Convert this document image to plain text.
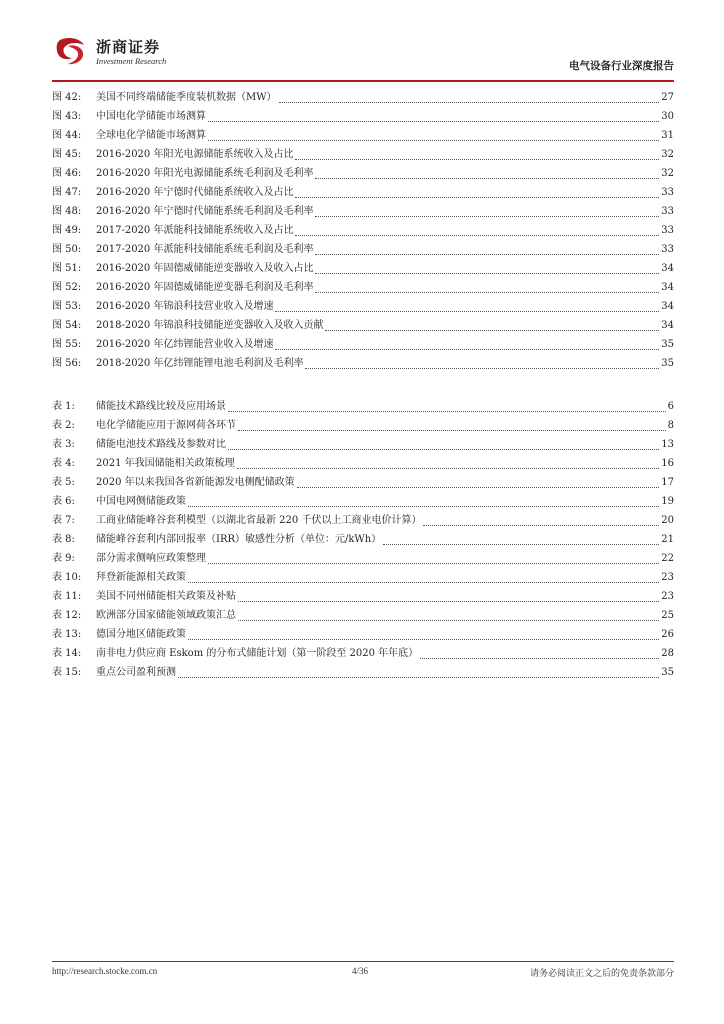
浙商证券
Investment Research	电气设备行业深度报告
图 42:	美国不同终端储能季度装机数据（MW）	27
图 43:	中国电化学储能市场测算	30
图 44:	全球电化学储能市场测算	31
图 45:	2016-2020 年阳光电源储能系统收入及占比	32
图 46:	2016-2020 年阳光电源储能系统毛利润及毛利率	32
图 47:	2016-2020 年宁德时代储能系统收入及占比	33
图 48:	2016-2020 年宁德时代储能系统毛利润及毛利率	33
图 49:	2017-2020 年派能科技储能系统收入及占比	33
图 50:	2017-2020 年派能科技储能系统毛利润及毛利率	33
图 51:	2016-2020 年固德威储能逆变器收入及收入占比	34
图 52:	2016-2020 年固德威储能逆变器毛利润及毛利率	34
图 53:	2016-2020 年锦浪科技营业收入及增速	34
图 54:	2018-2020 年锦浪科技储能逆变器收入及收入贡献	34
图 55:	2016-2020 年亿纬锂能营业收入及增速	35
图 56:	2018-2020 年亿纬锂能锂电池毛利润及毛利率	35
表 1:	储能技术路线比较及应用场景	6
表 2:	电化学储能应用于源网荷各环节	8
表 3:	储能电池技术路线及参数对比	13
表 4:	2021 年我国储能相关政策梳理	16
表 5:	2020 年以来我国各省新能源发电侧配储政策	17
表 6:	中国电网侧储能政策	19
表 7:	工商业储能峰谷套利模型（以湖北省最新 220 千伏以上工商业电价计算）	20
表 8:	储能峰谷套利内部回报率（IRR）敏感性分析（单位：元/kWh）	21
表 9:	部分需求侧响应政策整理	22
表 10:	拜登新能源相关政策	23
表 11:	美国不同州储能相关政策及补贴	23
表 12:	欧洲部分国家储能领域政策汇总	25
表 13:	德国分地区储能政策	26
表 14:	南非电力供应商 Eskom 的分布式储能计划（第一阶段至 2020 年年底）	28
表 15:	重点公司盈利预测	35
http://research.stocke.com.cn	4/36	请务必阅读正文之后的免责条款部分
